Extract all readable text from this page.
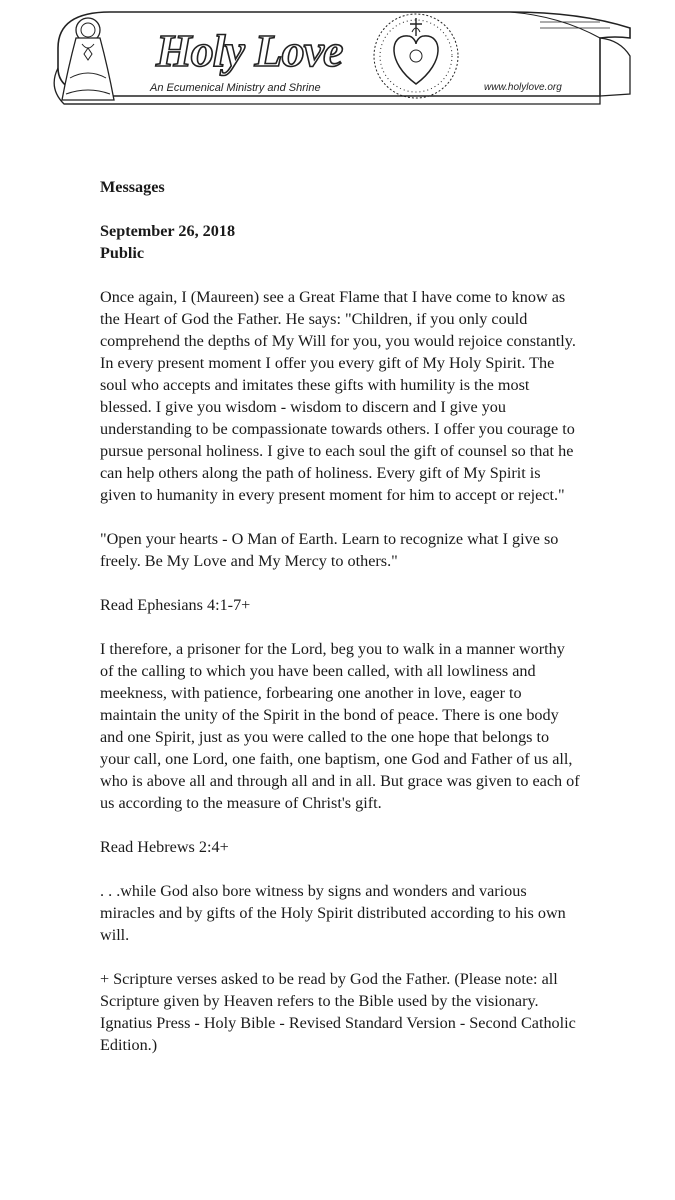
Holy Love
An Ecumenical Ministry and Shrine	www.holylove.org
Messages
September 26, 2018
Public

Once again, I (Maureen) see a Great Flame that I have come to know as the Heart of God the Father. He says: "Children, if you only could comprehend the depths of My Will for you, you would rejoice constantly. In every present moment I offer you every gift of My Holy Spirit. The soul who accepts and imitates these gifts with humility is the most blessed. I give you wisdom - wisdom to discern and I give you understanding to be compassionate towards others. I offer you courage to pursue personal holiness. I give to each soul the gift of counsel so that he can help others along the path of holiness. Every gift of My Spirit is given to humanity in every present moment for him to accept or reject."

"Open your hearts - O Man of Earth. Learn to recognize what I give so freely. Be My Love and My Mercy to others."

Read Ephesians 4:1-7+

I therefore, a prisoner for the Lord, beg you to walk in a manner worthy of the calling to which you have been called, with all lowliness and meekness, with patience, forbearing one another in love, eager to maintain the unity of the Spirit in the bond of peace. There is one body and one Spirit, just as you were called to the one hope that belongs to your call, one Lord, one faith, one baptism, one God and Father of us all, who is above all and through all and in all. But grace was given to each of us according to the measure of Christ's gift.

Read Hebrews 2:4+

. . .while God also bore witness by signs and wonders and various miracles and by gifts of the Holy Spirit distributed according to his own will.

+ Scripture verses asked to be read by God the Father. (Please note: all Scripture given by Heaven refers to the Bible used by the visionary. Ignatius Press - Holy Bible - Revised Standard Version - Second Catholic Edition.)
